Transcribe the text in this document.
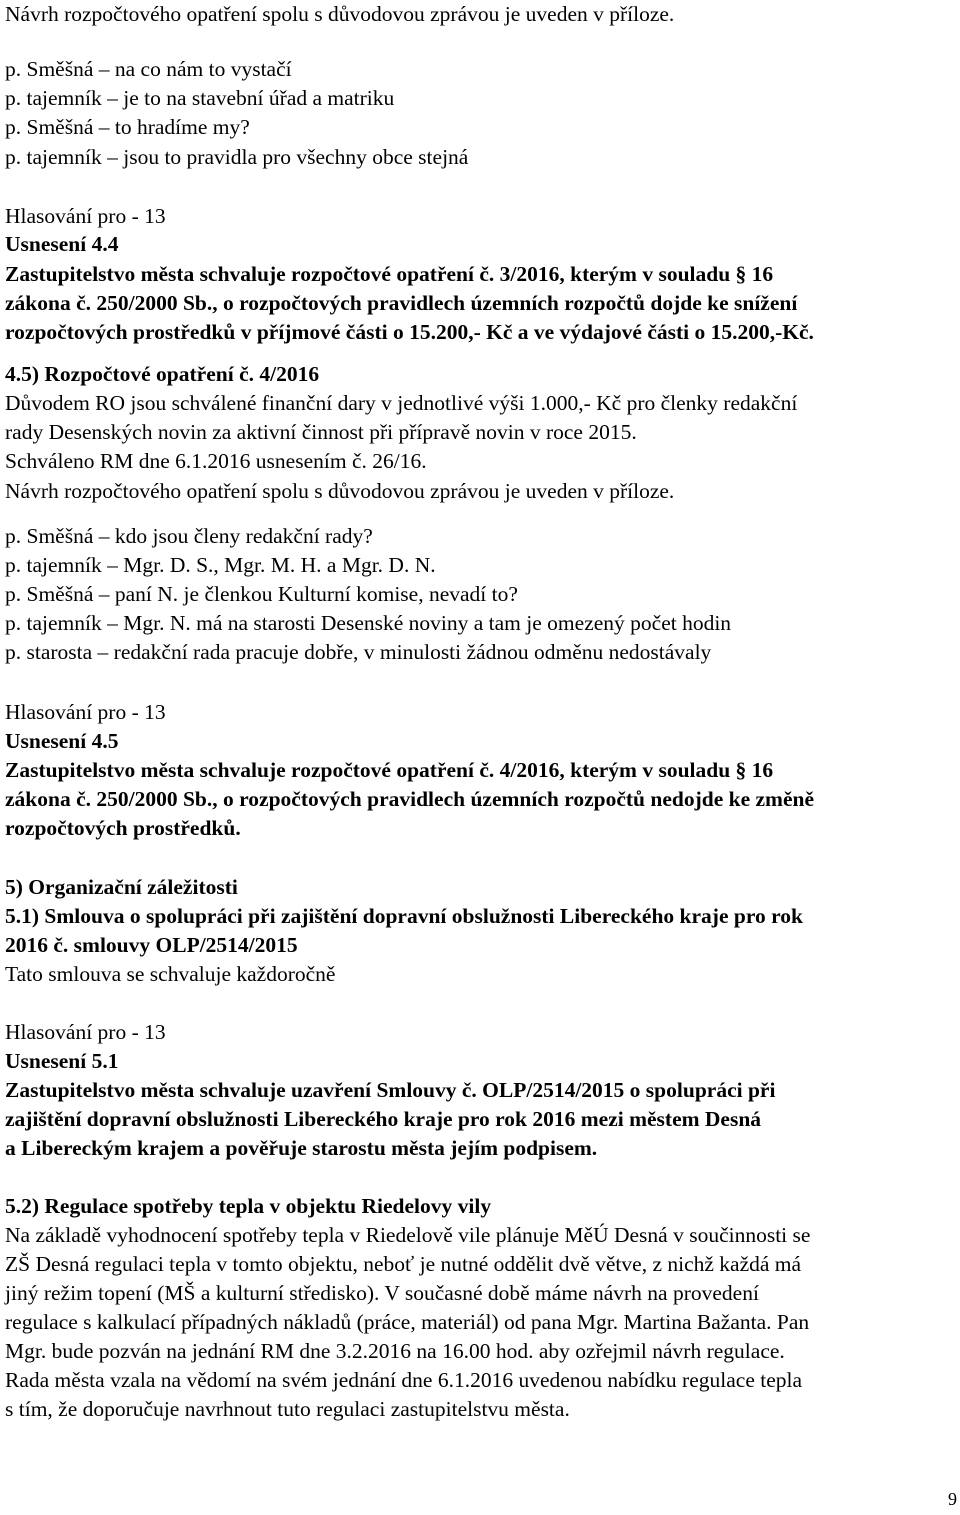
Návrh rozpočtového opatření spolu s důvodovou zprávou je uveden v příloze.
p. Směšná – na co nám to vystačí
p. tajemník – je to na stavební úřad a matriku
p. Směšná – to hradíme my?
p. tajemník – jsou to pravidla pro všechny obce stejná
Hlasování pro - 13
Usnesení 4.4
Zastupitelstvo města schvaluje rozpočtové opatření č. 3/2016, kterým v souladu § 16
zákona č. 250/2000 Sb., o rozpočtových pravidlech územních rozpočtů dojde ke snížení
rozpočtových prostředků v příjmové části o 15.200,- Kč a ve výdajové části o 15.200,-Kč.
4.5) Rozpočtové opatření č. 4/2016
Důvodem RO jsou schválené finanční dary v jednotlivé výši 1.000,- Kč pro členky redakční
rady Desenských novin za aktivní činnost při přípravě novin v roce 2015.
Schváleno RM dne 6.1.2016 usnesením č. 26/16.
Návrh rozpočtového opatření spolu s důvodovou zprávou je uveden v příloze.
p. Směšná – kdo jsou členy redakční rady?
p. tajemník – Mgr. D. S., Mgr. M. H. a Mgr. D. N.
p. Směšná – paní N. je členkou Kulturní komise, nevadí to?
p. tajemník – Mgr. N. má na starosti Desenské noviny a tam je omezený počet hodin
p. starosta – redakční rada pracuje dobře, v minulosti žádnou odměnu nedostávaly
Hlasování pro - 13
Usnesení 4.5
Zastupitelstvo města schvaluje rozpočtové opatření č. 4/2016, kterým v souladu § 16
zákona č. 250/2000 Sb., o rozpočtových pravidlech územních rozpočtů nedojde ke změně
rozpočtových prostředků.
5) Organizační záležitosti
5.1) Smlouva o spolupráci při zajištění dopravní obslužnosti Libereckého kraje pro rok
2016 č. smlouvy OLP/2514/2015
Tato smlouva se schvaluje každoročně
Hlasování pro - 13
Usnesení 5.1
Zastupitelstvo města schvaluje uzavření Smlouvy č. OLP/2514/2015 o spolupráci při
zajištění dopravní obslužnosti Libereckého kraje pro rok 2016 mezi městem Desná
a Libereckým krajem a pověřuje starostu města jejím podpisem.
5.2) Regulace spotřeby tepla v objektu Riedelovy vily
Na základě vyhodnocení spotřeby tepla v Riedelově vile plánuje MěÚ Desná v součinnosti se
ZŠ Desná regulaci tepla v tomto objektu, neboť je nutné oddělit dvě větve, z nichž každá má
jiný režim topení (MŠ a kulturní středisko). V současné době máme návrh na provedení
regulace s kalkulací případných nákladů (práce, materiál) od pana Mgr. Martina Bažanta. Pan
Mgr. bude pozván na jednání RM dne 3.2.2016 na 16.00 hod. aby ozřejmil návrh regulace.
Rada města vzala na vědomí na svém jednání dne 6.1.2016 uvedenou nabídku regulace tepla
s tím, že doporučuje navrhnout tuto regulaci zastupitelstvu města.
9
